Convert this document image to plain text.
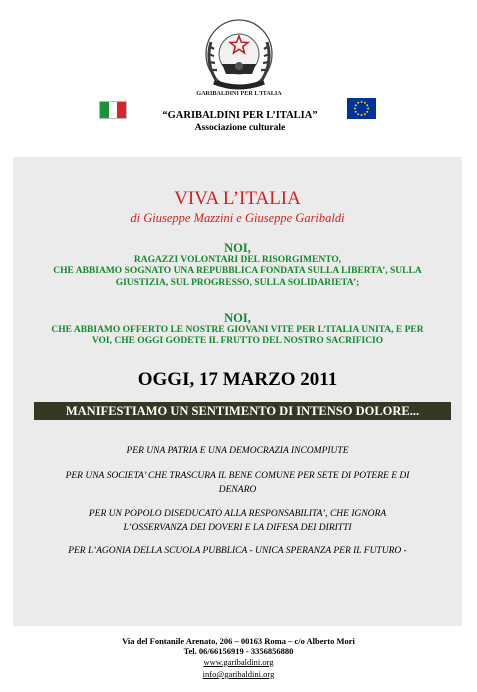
GARIBALDINI PER L'ITALIA
“GARIBALDINI PER L’ITALIA”
Associazione culturale
VIVA L’ITALIA
di Giuseppe Mazzini e Giuseppe Garibaldi
NOI,
RAGAZZI VOLONTARI DEL RISORGIMENTO,
CHE ABBIAMO SOGNATO UNA REPUBBLICA FONDATA SULLA LIBERTA’, SULLA
GIUSTIZIA, SUL PROGRESSO, SULLA SOLIDARIETA’;
NOI,
CHE ABBIAMO OFFERTO LE NOSTRE GIOVANI VITE PER L’ITALIA UNITA, E PER
VOI, CHE OGGI GODETE IL FRUTTO DEL NOSTRO SACRIFICIO
OGGI, 17 MARZO 2011
MANIFESTIAMO UN SENTIMENTO DI INTENSO DOLORE...
PER UNA PATRIA E UNA DEMOCRAZIA INCOMPIUTE
PER UNA SOCIETA’ CHE TRASCURA IL BENE COMUNE PER SETE DI POTERE E DI
DENARO
PER UN POPOLO DISEDUCATO ALLA RESPONSABILITA’, CHE IGNORA
L’OSSERVANZA DEI DOVERI E LA DIFESA DEI DIRITTI
PER L’AGONIA DELLA SCUOLA PUBBLICA - UNICA SPERANZA PER IL FUTURO -
Via del Fontanile Arenato, 206 – 00163 Roma – c/o Alberto Mori
Tel. 06/66156919 - 3356856880
www.garibaldini.org
info@garibaldini.org
